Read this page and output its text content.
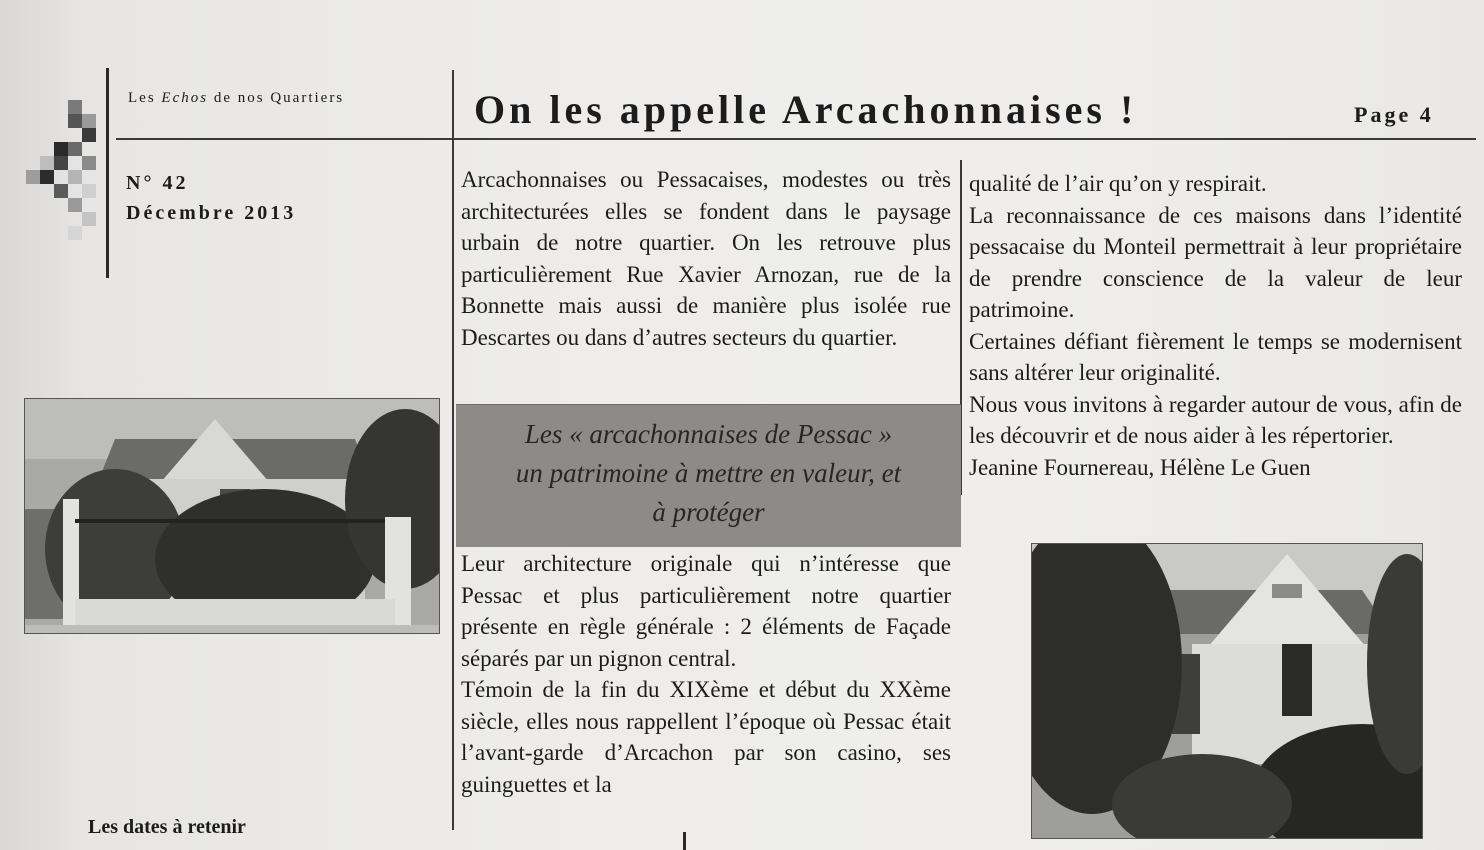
Les Echos de nos Quartiers	On les appelle Arcachonnaises !	Page 4
N° 42
Décembre 2013
Les dates à retenir

Arcachonnaises ou Pessacaises, modestes ou très architecturées elles se fondent dans le paysage urbain de notre quartier. On les retrouve plus particulièrement Rue Xavier Arnozan, rue de la Bonnette mais aussi de manière plus isolée rue Descartes ou dans d’autres secteurs du quartier.

Les « arcachonnaises de Pessac »
un patrimoine à mettre en valeur, et
à protéger

Leur architecture originale qui n’intéresse que Pessac et plus particulièrement notre quartier présente en règle générale : 2 éléments de Façade séparés par un pignon central.

Témoin de la fin du XIXème et début du XXème siècle, elles nous rappellent l’époque où Pessac était l’avant-garde d’Arcachon par son casino, ses guinguettes et la

qualité de l’air qu’on y respirait.

La reconnaissance de ces maisons dans l’identité pessacaise du Monteil permettrait à leur propriétaire de prendre conscience de la valeur de leur patrimoine.

Certaines défiant fièrement le temps se modernisent sans altérer leur originalité.

Nous vous invitons à regarder autour de vous, afin de les découvrir et de nous aider à les répertorier.

Jeanine Fournereau, Hélène Le Guen
